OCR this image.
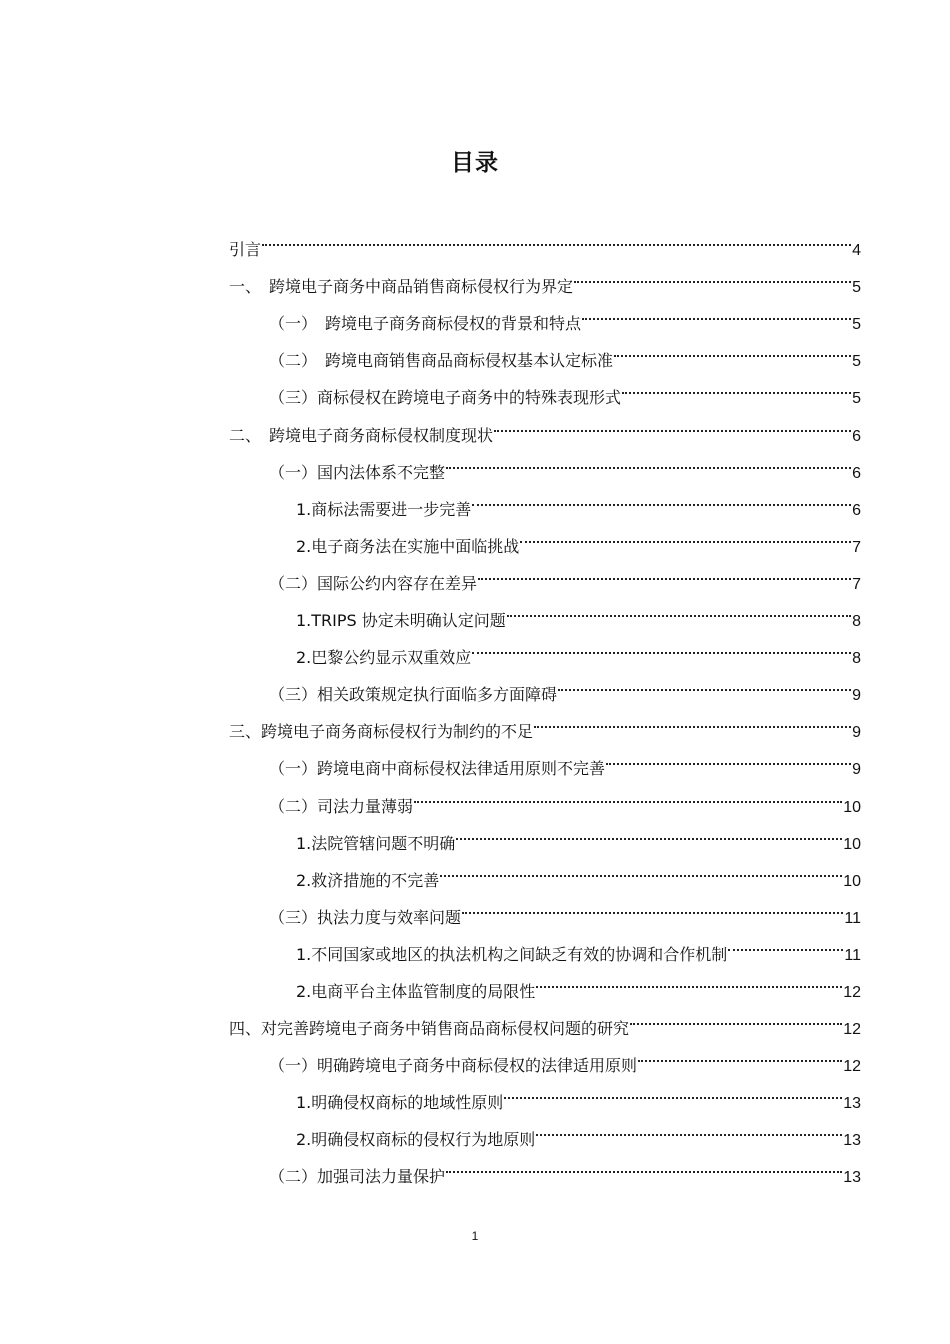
目录
引言	4
一、　跨境电子商务中商品销售商标侵权行为界定	5
（一）　跨境电子商务商标侵权的背景和特点	5
（二）　跨境电商销售商品商标侵权基本认定标准	5
（三）商标侵权在跨境电子商务中的特殊表现形式	5
二、　跨境电子商务商标侵权制度现状	6
（一）国内法体系不完整	6
1.商标法需要进一步完善	6
2.电子商务法在实施中面临挑战	7
（二）国际公约内容存在差异	7
1.TRIPS 协定未明确认定问题	8
2.巴黎公约显示双重效应	8
（三）相关政策规定执行面临多方面障碍	9
三、跨境电子商务商标侵权行为制约的不足	9
（一）跨境电商中商标侵权法律适用原则不完善	9
（二）司法力量薄弱	10
1.法院管辖问题不明确	10
2.救济措施的不完善	10
（三）执法力度与效率问题	11
1.不同国家或地区的执法机构之间缺乏有效的协调和合作机制	11
2.电商平台主体监管制度的局限性	12
四、对完善跨境电子商务中销售商品商标侵权问题的研究	12
（一）明确跨境电子商务中商标侵权的法律适用原则	12
1.明确侵权商标的地域性原则	13
2.明确侵权商标的侵权行为地原则	13
（二）加强司法力量保护	13
1
